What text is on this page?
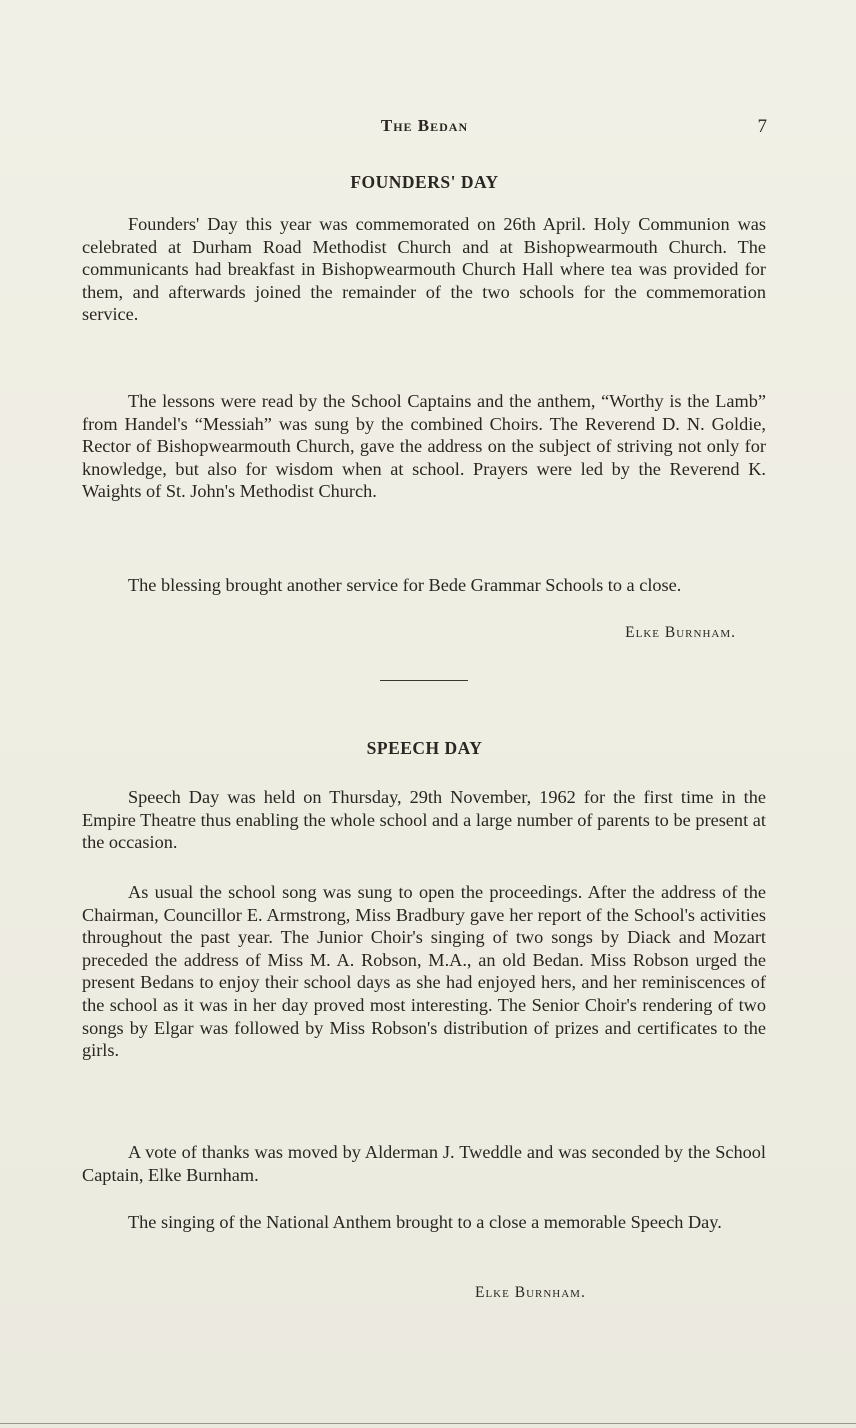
The Bedan	7
FOUNDERS' DAY

Founders' Day this year was commemorated on 26th April. Holy Communion was celebrated at Durham Road Methodist Church and at Bishopwearmouth Church. The communicants had breakfast in Bishopwearmouth Church Hall where tea was provided for them, and afterwards joined the remainder of the two schools for the commemoration service.

The lessons were read by the School Captains and the anthem, “Worthy is the Lamb” from Handel's “Messiah” was sung by the combined Choirs. The Reverend D. N. Goldie, Rector of Bishopwearmouth Church, gave the address on the subject of striving not only for knowledge, but also for wisdom when at school. Prayers were led by the Reverend K. Waights of St. John's Methodist Church.

The blessing brought another service for Bede Grammar Schools to a close.

Elke Burnham.
SPEECH DAY

Speech Day was held on Thursday, 29th November, 1962 for the first time in the Empire Theatre thus enabling the whole school and a large number of parents to be present at the occasion.

As usual the school song was sung to open the proceedings. After the address of the Chairman, Councillor E. Armstrong, Miss Bradbury gave her report of the School's activities throughout the past year. The Junior Choir's singing of two songs by Diack and Mozart preceded the address of Miss M. A. Robson, M.A., an old Bedan. Miss Robson urged the present Bedans to enjoy their school days as she had enjoyed hers, and her reminiscences of the school as it was in her day proved most interesting. The Senior Choir's rendering of two songs by Elgar was followed by Miss Robson's distribution of prizes and certificates to the girls.

A vote of thanks was moved by Alderman J. Tweddle and was seconded by the School Captain, Elke Burnham.

The singing of the National Anthem brought to a close a memorable Speech Day.

Elke Burnham.
